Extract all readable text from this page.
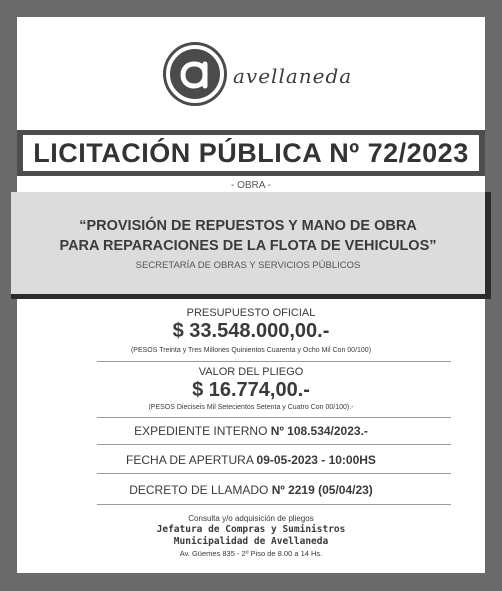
avellaneda
LICITACIÓN PÚBLICA Nº 72/2023
- OBRA -
“PROVISIÓN DE REPUESTOS Y MANO DE OBRA
PARA REPARACIONES DE LA FLOTA DE VEHICULOS”
SECRETARÍA DE OBRAS Y SERVICIOS PÚBLICOS
PRESUPUESTO OFICIAL
$ 33.548.000,00.-
(PESOS Treinta y Tres Millones Quinientos Cuarenta y Ocho Mil Con 00/100)
VALOR DEL PLIEGO
$ 16.774,00.-
(PESOS Dieciseis Mil Setecientos Setenta y Cuatro Con 00/100).-
EXPEDIENTE INTERNO Nº 108.534/2023.-
FECHA DE APERTURA 09-05-2023 - 10:00HS
DECRETO DE LLAMADO Nº 2219 (05/04/23)
Consulta y/o adquisición de pliegos
Jefatura de Compras y Suministros
Municipalidad de Avellaneda
Av. Güemes 835 - 2º Piso de 8.00 a 14 Hs.
